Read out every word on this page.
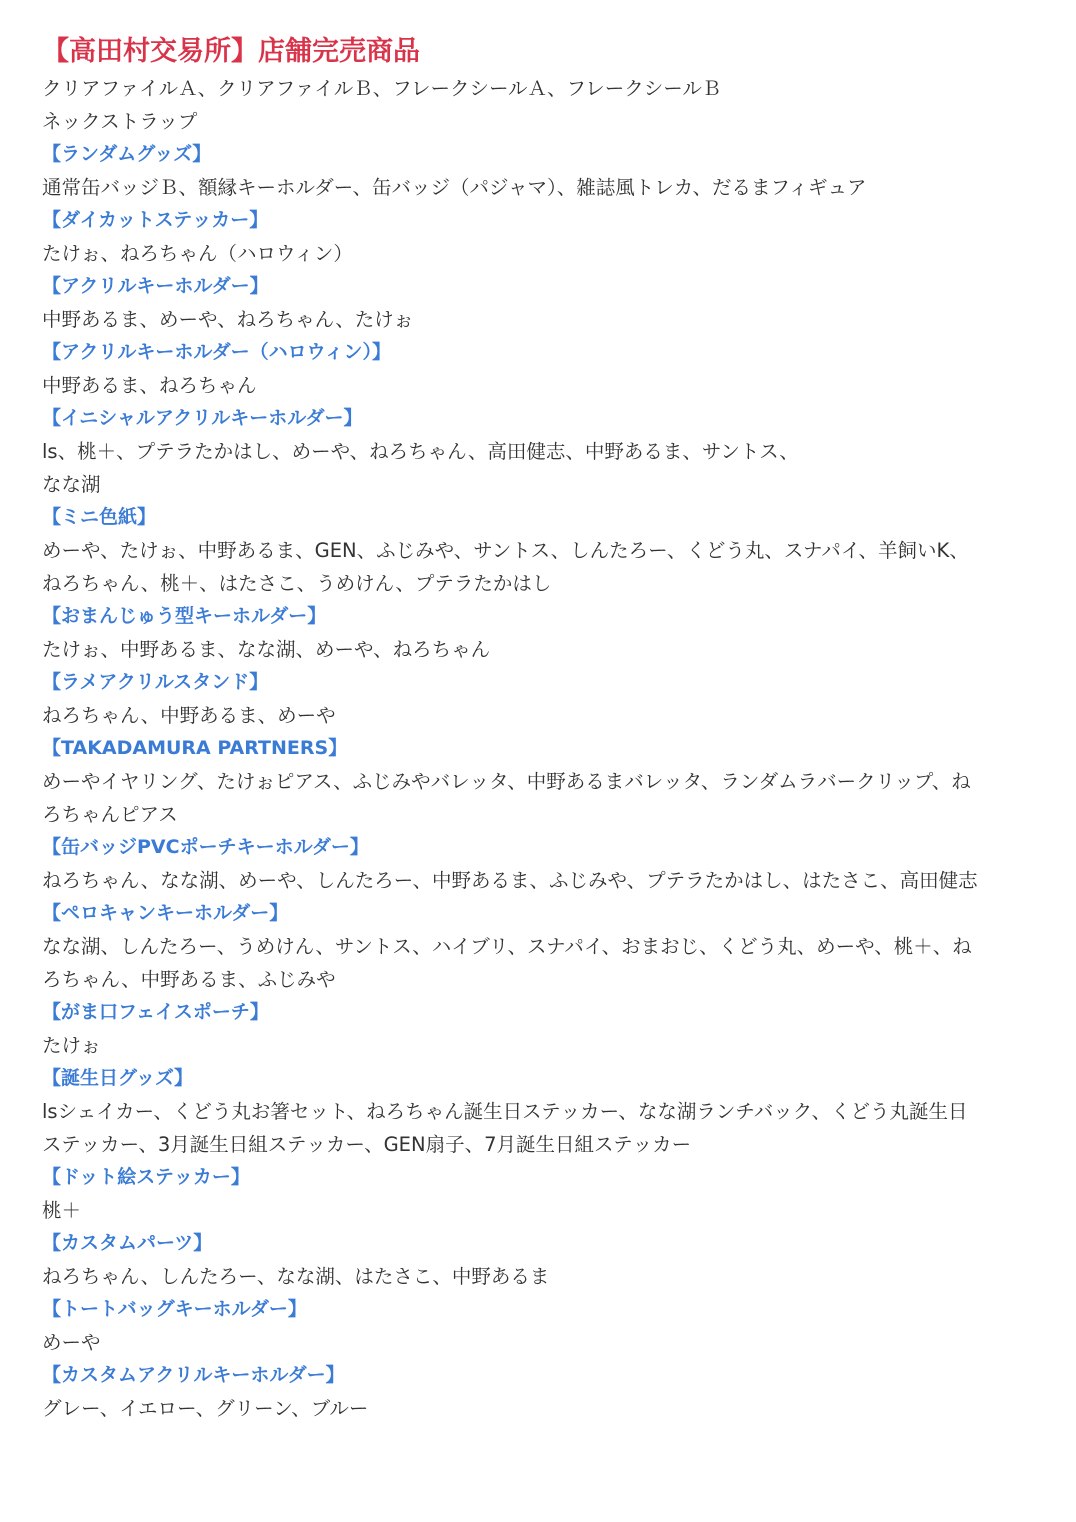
【高田村交易所】店舗完売商品
クリアファイルＡ、クリアファイルＢ、フレークシールＡ、フレークシールＢ
ネックストラップ
【ランダムグッズ】
通常缶バッジＢ、額縁キーホルダー、缶バッジ（パジャマ）、雑誌風トレカ、だるまフィギュア
【ダイカットステッカー】
たけぉ、ねろちゃん（ハロウィン）
【アクリルキーホルダー】
中野あるま、めーや、ねろちゃん、たけぉ
【アクリルキーホルダー（ハロウィン）】
中野あるま、ねろちゃん
【イニシャルアクリルキーホルダー】
ls、桃＋、プテラたかはし、めーや、ねろちゃん、高田健志、中野あるま、サントス、
なな湖
【ミニ色紙】
めーや、たけぉ、中野あるま、GEN、ふじみや、サントス、しんたろー、くどう丸、スナパイ、羊飼いK、
ねろちゃん、桃＋、はたさこ、うめけん、プテラたかはし
【おまんじゅう型キーホルダー】
たけぉ、中野あるま、なな湖、めーや、ねろちゃん
【ラメアクリルスタンド】
ねろちゃん、中野あるま、めーや
【TAKADAMURA PARTNERS】
めーやイヤリング、たけぉピアス、ふじみやバレッタ、中野あるまバレッタ、ランダムラバークリップ、ね
ろちゃんピアス
【缶バッジPVCポーチキーホルダー】
ねろちゃん、なな湖、めーや、しんたろー、中野あるま、ふじみや、プテラたかはし、はたさこ、高田健志
【ペロキャンキーホルダー】
なな湖、しんたろー、うめけん、サントス、ハイブリ、スナパイ、おまおじ、くどう丸、めーや、桃＋、ね
ろちゃん、中野あるま、ふじみや
【がま口フェイスポーチ】
たけぉ
【誕生日グッズ】
lsシェイカー、くどう丸お箸セット、ねろちゃん誕生日ステッカー、なな湖ランチバック、くどう丸誕生日
ステッカー、3月誕生日組ステッカー、GEN扇子、7月誕生日組ステッカー
【ドット絵ステッカー】
桃＋
【カスタムパーツ】
ねろちゃん、しんたろー、なな湖、はたさこ、中野あるま
【トートバッグキーホルダー】
めーや
【カスタムアクリルキーホルダー】
グレー、イエロー、グリーン、ブルー
